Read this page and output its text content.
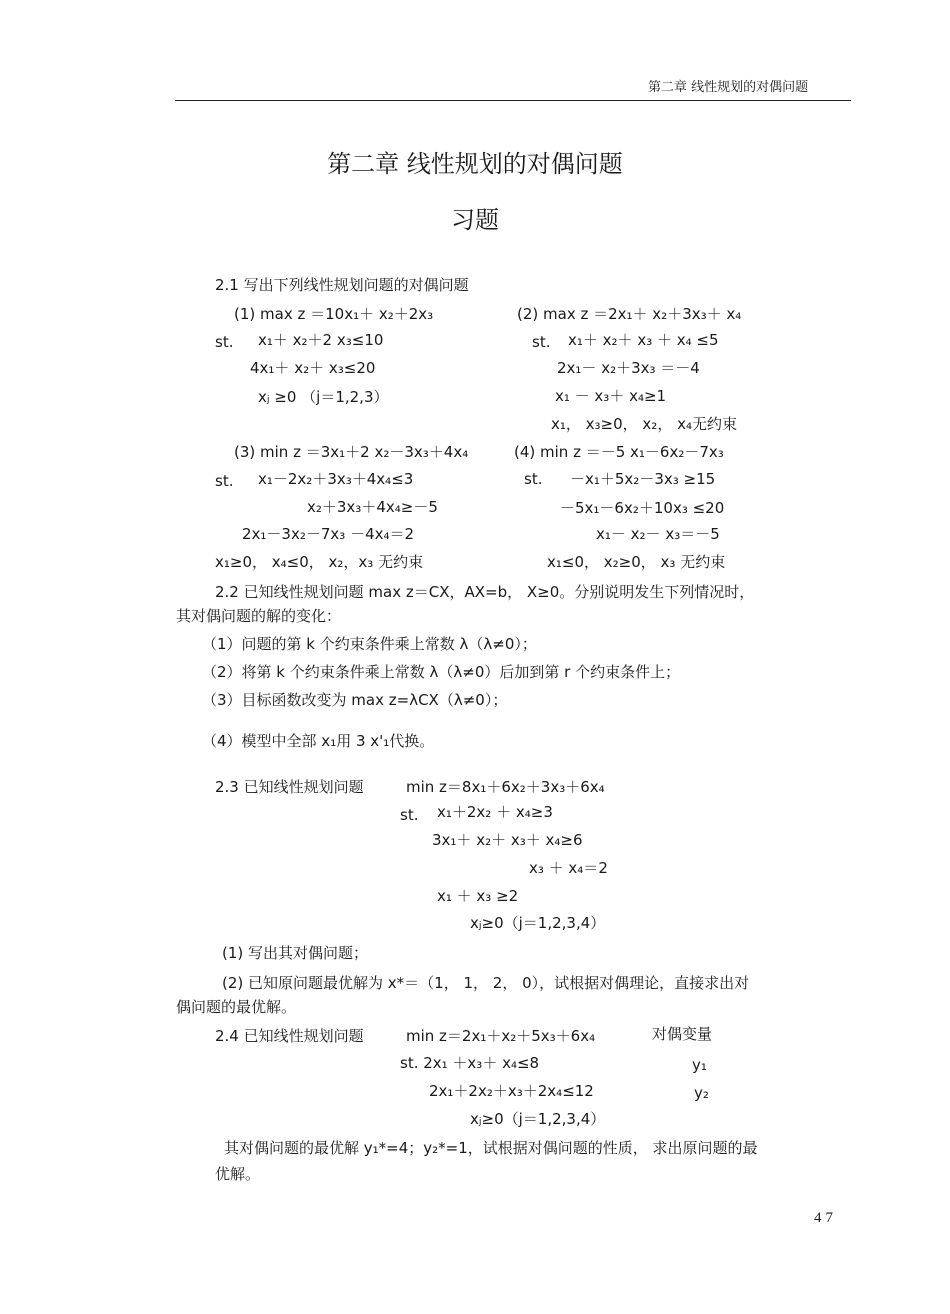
第二章 线性规划的对偶问题
第二章 线性规划的对偶问题
习题
2.1 写出下列线性规划问题的对偶问题
(1) max z ＝10x₁＋ x₂＋2x₃
st. x₁＋ x₂＋2 x₃≤10
4x₁＋ x₂＋ x₃≤20
xⱼ ≥0 （j＝1,2,3）
(2) max z ＝2x₁＋ x₂＋3x₃＋ x₄
st. x₁＋ x₂＋ x₃ ＋ x₄ ≤5
2x₁－ x₂＋3x₃ ＝－4
x₁ － x₃＋ x₄≥1
x₁， x₃≥0， x₂， x₄无约束
(3) min z ＝3x₁＋2 x₂－3x₃＋4x₄
st. x₁－2x₂＋3x₃＋4x₄≤3
x₂＋3x₃＋4x₄≥－5
2x₁－3x₂－7x₃ －4x₄＝2
x₁≥0， x₄≤0， x₂，x₃ 无约束
(4) min z ＝－5 x₁－6x₂－7x₃
st. －x₁＋5x₂－3x₃ ≥15
－5x₁－6x₂＋10x₃ ≤20
x₁－ x₂－ x₃＝－5
x₁≤0， x₂≥0， x₃ 无约束
2.2 已知线性规划问题 max z＝CX，AX=b， X≥0。分别说明发生下列情况时，
其对偶问题的解的变化：
（1）问题的第 k 个约束条件乘上常数 λ（λ≠0）；
（2）将第 k 个约束条件乘上常数 λ（λ≠0）后加到第 r 个约束条件上；
（3）目标函数改变为 max z=λCX（λ≠0）；
（4）模型中全部 x₁用 3 x'₁代换。
2.3 已知线性规划问题	min z＝8x₁＋6x₂＋3x₃＋6x₄
st. x₁＋2x₂ ＋ x₄≥3
3x₁＋ x₂＋ x₃＋ x₄≥6
x₃ ＋ x₄＝2
x₁ ＋ x₃ ≥2
xⱼ≥0（j＝1,2,3,4）
(1) 写出其对偶问题；
(2) 已知原问题最优解为 x*＝（1， 1， 2， 0），试根据对偶理论，直接求出对
偶问题的最优解。
2.4 已知线性规划问题	min z＝2x₁＋x₂＋5x₃＋6x₄	对偶变量
st. 2x₁ ＋x₃＋ x₄≤8	y₁
2x₁＋2x₂＋x₃＋2x₄≤12	y₂
xⱼ≥0（j＝1,2,3,4）
其对偶问题的最优解 y₁*=4；y₂*=1，试根据对偶问题的性质， 求出原问题的最
优解。
47
